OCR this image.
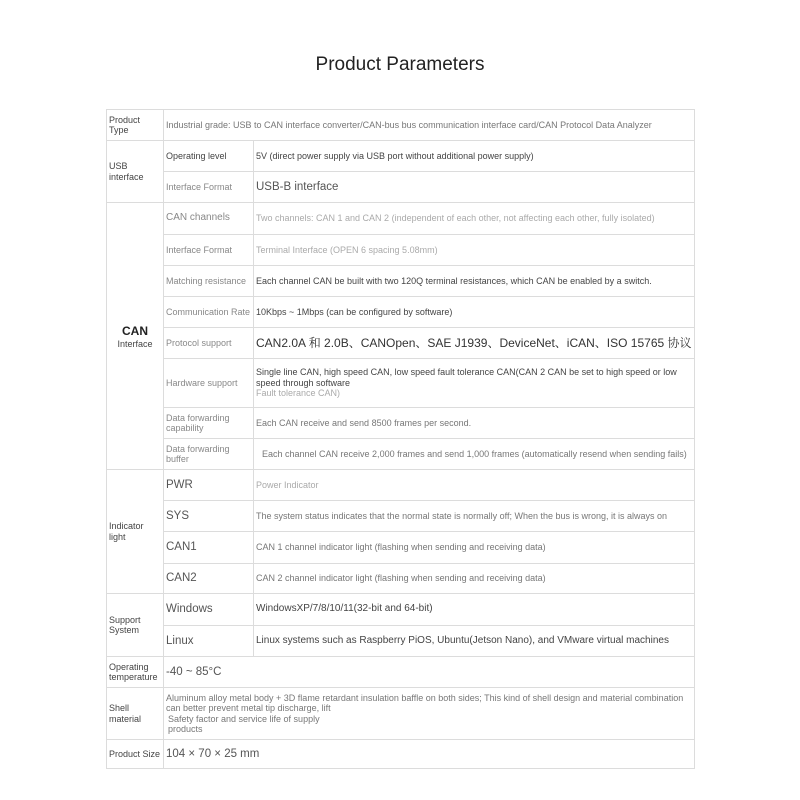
Product Parameters
Product Type	Industrial grade: USB to CAN interface converter/CAN-bus bus communication interface card/CAN Protocol Data Analyzer	
USB interface	Operating level	5V (direct power supply via USB port without additional power supply)
	Interface Format	USB-B interface

CAN
Interface	CAN channels	Two channels: CAN 1 and CAN 2 (independent of each other, not affecting each other, fully isolated)
	Interface Format	Terminal Interface (OPEN 6 spacing 5.08mm)
	Matching resistance	Each channel CAN be built with two 120Q terminal resistances, which CAN be enabled by a switch.
	Communication Rate	10Kbps ~ 1Mbps (can be configured by software)
	Protocol support	CAN2.0A 和 2.0B、CANOpen、SAE J1939、DeviceNet、iCAN、ISO 15765 协议
	Hardware support	Single line CAN, high speed CAN, low speed fault tolerance CAN(CAN 2 CAN be set to high speed or low speed through software
Fault tolerance CAN)

	Data forwarding capability	Each CAN receive and send 8500 frames per second.
	Data forwarding buffer	Each channel CAN receive 2,000 frames and send 1,000 frames (automatically resend when sending fails)
Indicator light	PWR	Power Indicator
	SYS	The system status indicates that the normal state is normally off; When the bus is wrong, it is always on
	CAN1	CAN 1 channel indicator light (flashing when sending and receiving data)
	CAN2	CAN 2 channel indicator light (flashing when sending and receiving data)
Support System	Windows	WindowsXP/7/8/10/11(32-bit and 64-bit)
	Linux	Linux systems such as Raspberry PiOS, Ubuntu(Jetson Nano), and VMware virtual machines
Operating temperature	-40 ~ 85°C	
Shell material	Aluminum alloy metal body + 3D flame retardant insulation baffle on both sides; This kind of shell design and material combination can better prevent metal tip discharge, lift
Safety factor and service life of supply products	

Product Size	104 × 70 × 25 mm	
